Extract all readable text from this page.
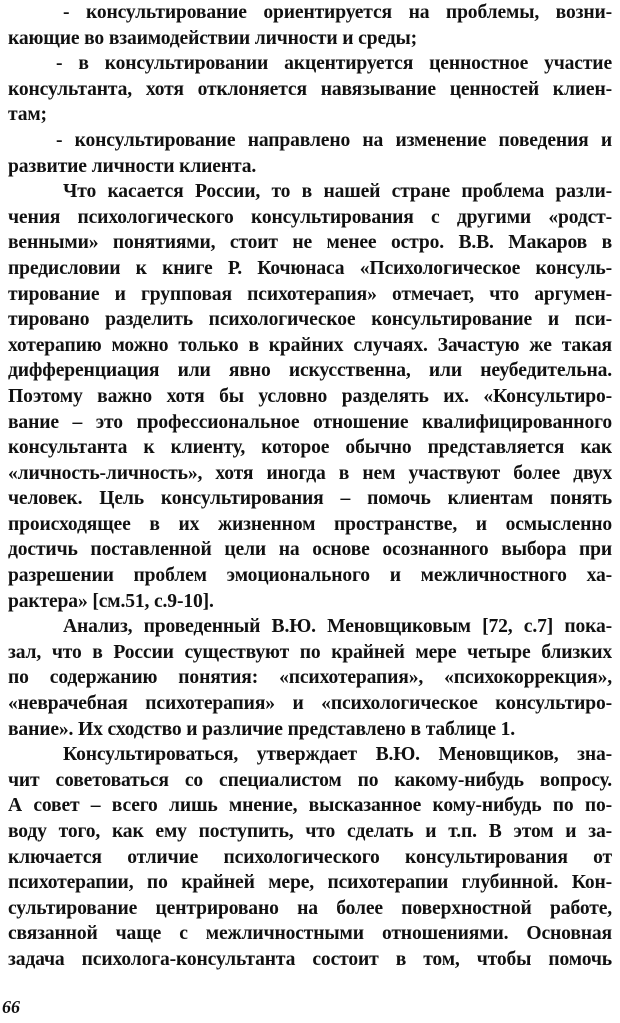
- консультирование ориентируется на проблемы, возни-
кающие во взаимодействии личности и среды;
- в консультировании акцентируется ценностное участие
консультанта, хотя отклоняется навязывание ценностей клиен-
там;
- консультирование направлено на изменение поведения и
развитие личности клиента.
Что касается России, то в нашей стране проблема разли-
чения психологического консультирования с другими «родст-
венными» понятиями, стоит не менее остро. В.В. Макаров в
предисловии к книге Р. Кочюнаса «Психологическое консуль-
тирование и групповая психотерапия» отмечает, что аргумен-
тировано разделить психологическое консультирование и пси-
хотерапию можно только в крайних случаях. Зачастую же такая
дифференциация или явно искусственна, или неубедительна.
Поэтому важно хотя бы условно разделять их. «Консультиро-
вание – это профессиональное отношение квалифицированного
консультанта к клиенту, которое обычно представляется как
«личность-личность», хотя иногда в нем участвуют более двух
человек. Цель консультирования – помочь клиентам понять
происходящее в их жизненном пространстве, и осмысленно
достичь поставленной цели на основе осознанного выбора при
разрешении проблем эмоционального и межличностного ха-
рактера» [см.51, с.9-10].
Анализ, проведенный В.Ю. Меновщиковым [72, с.7] пока-
зал, что в России существуют по крайней мере четыре близких
по содержанию понятия: «психотерапия», «психокоррекция»,
«неврачебная психотерапия» и «психологическое консультиро-
вание». Их сходство и различие представлено в таблице 1.
Консультироваться, утверждает В.Ю. Меновщиков, зна-
чит советоваться со специалистом по какому-нибудь вопросу.
А совет – всего лишь мнение, высказанное кому-нибудь по по-
воду того, как ему поступить, что сделать и т.п. В этом и за-
ключается отличие психологического консультирования от
психотерапии, по крайней мере, психотерапии глубинной. Кон-
сультирование центрировано на более поверхностной работе,
связанной чаще с межличностными отношениями. Основная
задача психолога-консультанта состоит в том, чтобы помочь
66
